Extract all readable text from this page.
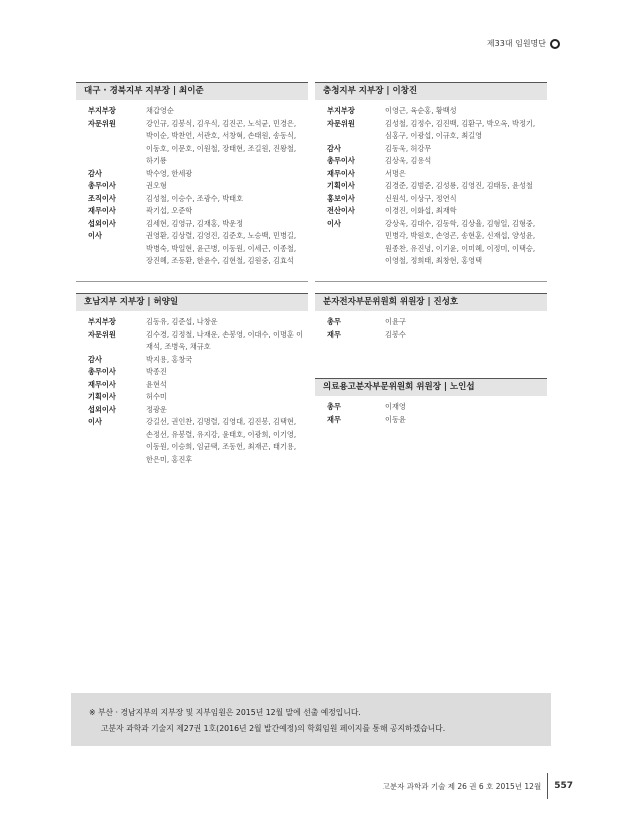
제33대 임원명단
대구 · 경북지부 지부장 | 최이준
부지부장	채갑영순
자문위원	강인규, 김봉식, 김우식, 김진곤, 노석균, 민경은, 박이순, 박찬언, 서관호, 서창혁, 손태원, 송동식, 이동호, 이문호, 이원철, 장태현, 조길원, 진왕철, 하기룡
감사	박수영, 한세광
총무이사	권오형
조직이사	김성철, 이승수, 조광수, 박태호
재무이사	곽기섭, 오준학
섭외이사	김세현, 김영규, 김재홍, 박운정
이사	권영환, 김상렬, 김영진, 김준호, 노승백, 민병길, 박병숙, 박일현, 윤근병, 이동원, 이세근, 이종철, 장진혜, 조동환, 한윤수, 김현철, 김원중, 김효석
충청지부 지부장 | 이창진
부지부장	이영근, 육순홍, 황백성
자문위원	김성철, 김정수, 김진백, 김환구, 박오옥, 박정기, 심홍구, 이광섭, 이규호, 최길영
감사	김동욱, 허강무
총무이사	김상욱, 김용석
재무이사	서명은
기획이사	김경준, 김범준, 김성룡, 김영진, 김태동, 윤성철
홍보이사	신원석, 이상구, 정연식
전산이사	이경진, 이화섭, 최재학
이사	강상욱, 김대수, 김동학, 김상율, 김형일, 김형중, 민병각, 박원호, 손영곤, 송현훈, 신재섭, 양성윤, 원종찬, 유진녕, 이기윤, 이미혜, 이정미, 이택승, 이영철, 정희태, 최창현, 홍영택
호남지부 지부장 | 허양일
부지부장	김동유, 김준섭, 나창운
자문위원	김수경, 김정철, 나재운, 손봉영, 이대수, 이명훈 이재석, 조병욱, 채규호
감사	박지용, 홍창국
총무이사	박종진
재무이사	윤현석
기획이사	허수미
섭외이사	정광운
이사	강길선, 권인찬, 김명렬, 김영대, 김진봉, 김택현, 손정선, 유봉렬, 유지강, 윤태호, 이광희, 이기영, 이동원, 이승희, 임균택, 조동헌, 최재곤, 태기용, 한은미, 홍진후
분자전자부문위원회 위원장 | 진성호
총무	이윤구
재무	김봉수
의료용고분자부문위원회 위원장 | 노인섭
총무	이재영
재무	이동윤
※ 부산 · 경남지부의 지부장 및 지부임원은 2015년 12월 말에 선출 예정입니다.
고분자 과학과 기술지 제27권 1호(2016년 2월 발간예정)의 학회임원 페이지를 통해 공지하겠습니다.
고분자 과학과 기술 제 26 권 6 호 2015년 12월 557
